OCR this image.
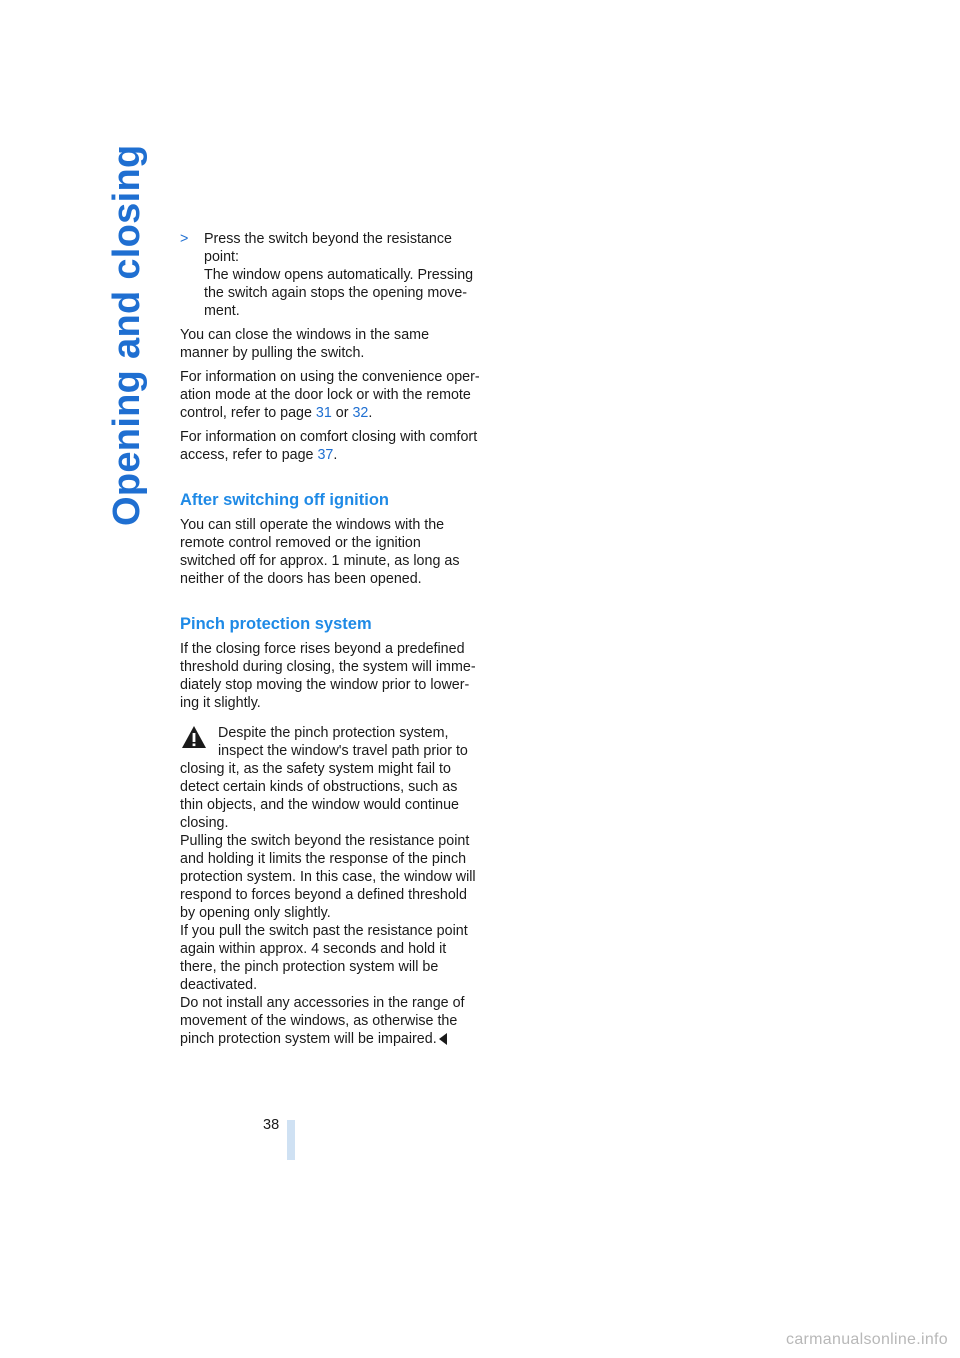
Opening and closing >	Press the switch beyond the resistance
point:
The window opens automatically. Pressing
the switch again stops the opening move-
ment.

You can close the windows in the same manner by pulling the switch.

For information on using the convenience oper-ation mode at the door lock or with the remote control, refer to page 31 or 32.

For information on comfort closing with comfort access, refer to page 37.

After switching off ignition

You can still operate the windows with the remote control removed or the ignition switched off for approx. 1 minute, as long as neither of the doors has been opened.

Pinch protection system

If the closing force rises beyond a predefined threshold during closing, the system will imme-diately stop moving the window prior to lower-ing it slightly.

Despite the pinch protection system, inspect the window's travel path prior to closing it, as the safety system might fail to detect certain kinds of obstructions, such as thin objects, and the window would continue closing.

Pulling the switch beyond the resistance point and holding it limits the response of the pinch protection system. In this case, the window will respond to forces beyond a defined threshold by opening only slightly.

If you pull the switch past the resistance point again within approx. 4 seconds and hold it there, the pinch protection system will be deactivated.

Do not install any accessories in the range of movement of the windows, as otherwise the pinch protection system will be impaired.

38
carmanualsonline.info
